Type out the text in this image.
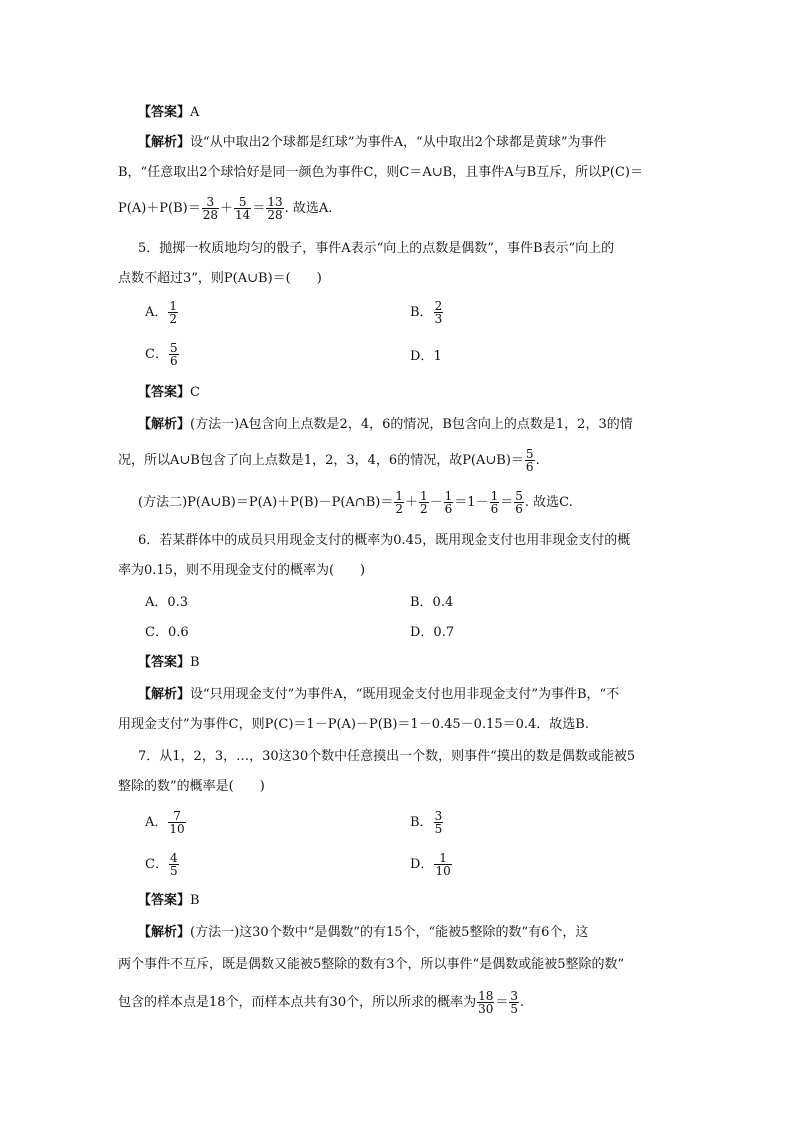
【答案】A
【解析】设“从中取出2个球都是红球”为事件A，“从中取出2个球都是黄球”为事件
B，“任意取出2个球恰好是同一颜色为事件C，则C＝A∪B，且事件A与B互斥，所以P(C)＝
$P(A)+P(B)= \frac{3}{28} + \frac{5}{14} = \frac{13}{28}$ . 故选A.
5．抛掷一枚质地均匀的骰子，事件A表示“向上的点数是偶数”，事件B表示“向上的
点数不超过3”，则P(A∪B)＝(　　)
A． $\frac{1}{2}$	B． $\frac{2}{3}$
C． $\frac{5}{6}$	D．1
【答案】C
【解析】(方法一)A包含向上点数是2，4，6的情况，B包含向上的点数是1，2，3的情
况，所以A∪B包含了向上点数是1，2，3，4，6的情况，故P(A∪B)＝ $\frac{5}{6}$ .
(方法二)P(A∪B)＝P(A)＋P(B)－P(A∩B)＝ $\frac{1}{2} + \frac{1}{2} - \frac{1}{6} =1- \frac{1}{6} = \frac{5}{6}$ . 故选C.
6．若某群体中的成员只用现金支付的概率为0.45，既用现金支付也用非现金支付的概
率为0.15，则不用现金支付的概率为(　　)
A．0.3	B．0.4
C．0.6	D．0.7
【答案】B
【解析】设“只用现金支付”为事件A，“既用现金支付也用非现金支付”为事件B，“不
用现金支付”为事件C，则P(C)＝1－P(A)－P(B)＝1－0.45－0.15＝0.4．故选B.
7．从1，2，3，…，30这30个数中任意摸出一个数，则事件“摸出的数是偶数或能被5
整除的数”的概率是(　　)
A． $\frac{7}{10}$	B． $\frac{3}{5}$
C． $\frac{4}{5}$	D． $\frac{1}{10}$
【答案】B
【解析】(方法一)这30个数中“是偶数”的有15个，“能被5整除的数”有6个，这
两个事件不互斥，既是偶数又能被5整除的数有3个，所以事件“是偶数或能被5整除的数”
包含的样本点是18个，而样本点共有30个，所以所求的概率为 $\frac{18}{30} = \frac{3}{5}$ .
